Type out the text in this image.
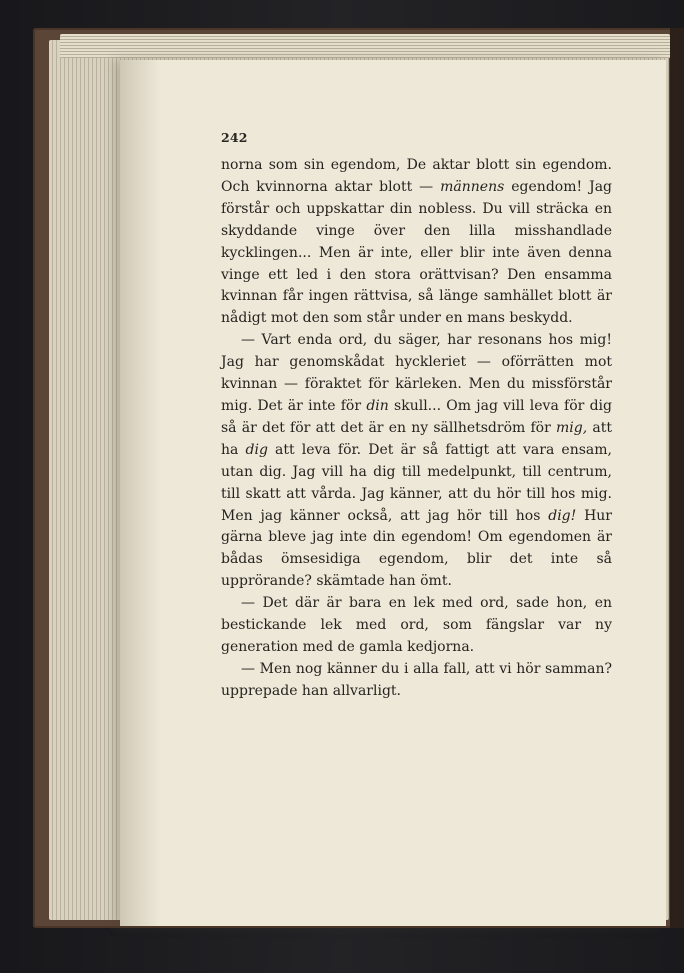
242

norna som sin egendom, De aktar blott sin egendom. Och kvinnorna aktar blott — männens egendom! Jag förstår och uppskattar din nobless. Du vill sträcka en skyddande vinge över den lilla misshandlade kycklingen... Men är inte, eller blir inte även denna vinge ett led i den stora orättvisan? Den ensamma kvinnan får ingen rättvisa, så länge samhället blott är nådigt mot den som står under en mans beskydd.

— Vart enda ord, du säger, har resonans hos mig! Jag har genomskådat hyckleriet — oförrätten mot kvinnan — föraktet för kärleken. Men du missförstår mig. Det är inte för din skull... Om jag vill leva för dig så är det för att det är en ny sällhetsdröm för mig, att ha dig att leva för. Det är så fattigt att vara ensam, utan dig. Jag vill ha dig till medelpunkt, till centrum, till skatt att vårda. Jag känner, att du hör till hos mig. Men jag känner också, att jag hör till hos dig! Hur gärna bleve jag inte din egendom! Om egendomen är bådas ömsesidiga egendom, blir det inte så upprörande? skämtade han ömt.

— Det där är bara en lek med ord, sade hon, en bestickande lek med ord, som fängslar var ny generation med de gamla kedjorna.

— Men nog känner du i alla fall, att vi hör samman? upprepade han allvarligt.
